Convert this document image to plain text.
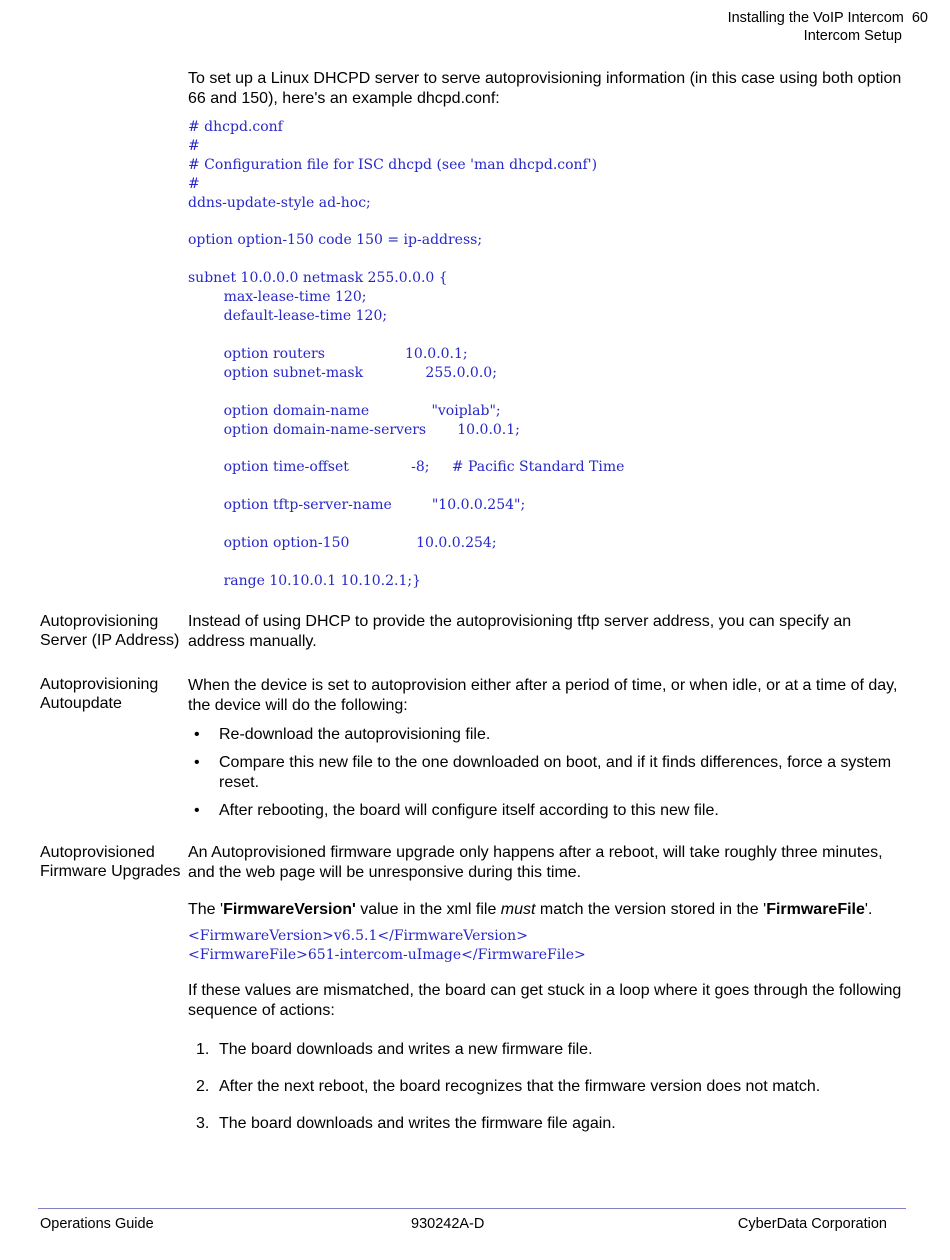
Installing the VoIP Intercom 60
Intercom Setup
To set up a Linux DHCPD server to serve autoprovisioning information (in this case using both option 66 and 150), here's an example dhcpd.conf:
# dhcpd.conf
#
# Configuration file for ISC dhcpd (see 'man dhcpd.conf')
#
ddns-update-style ad-hoc;

option option-150 code 150 = ip-address;

subnet 10.0.0.0 netmask 255.0.0.0 {
max-lease-time 120;
default-lease-time 120;

option routers                  10.0.0.1;
option subnet-mask              255.0.0.0;

option domain-name              "voiplab";
option domain-name-servers       10.0.0.1;

option time-offset              -8;     # Pacific Standard Time

option tftp-server-name         "10.0.0.254";

option option-150               10.0.0.254;

range 10.10.0.1 10.10.2.1;}
Autoprovisioning Server (IP Address)
Instead of using DHCP to provide the autoprovisioning tftp server address, you can specify an address manually.
Autoprovisioning Autoupdate
When the device is set to autoprovision either after a period of time, or when idle, or at a time of day, the device will do the following:
• Re-download the autoprovisioning file.
• Compare this new file to the one downloaded on boot, and if it finds differences, force a system reset.
• After rebooting, the board will configure itself according to this new file.
Autoprovisioned Firmware Upgrades
An Autoprovisioned firmware upgrade only happens after a reboot, will take roughly three minutes, and the web page will be unresponsive during this time.
The 'FirmwareVersion' value in the xml file must match the version stored in the 'FirmwareFile'.
<FirmwareVersion>v6.5.1</FirmwareVersion>
<FirmwareFile>651-intercom-uImage</FirmwareFile>
If these values are mismatched, the board can get stuck in a loop where it goes through the following sequence of actions:
1. The board downloads and writes a new firmware file.
2. After the next reboot, the board recognizes that the firmware version does not match.
3. The board downloads and writes the firmware file again.
Operations Guide	930242A-D	CyberData Corporation
